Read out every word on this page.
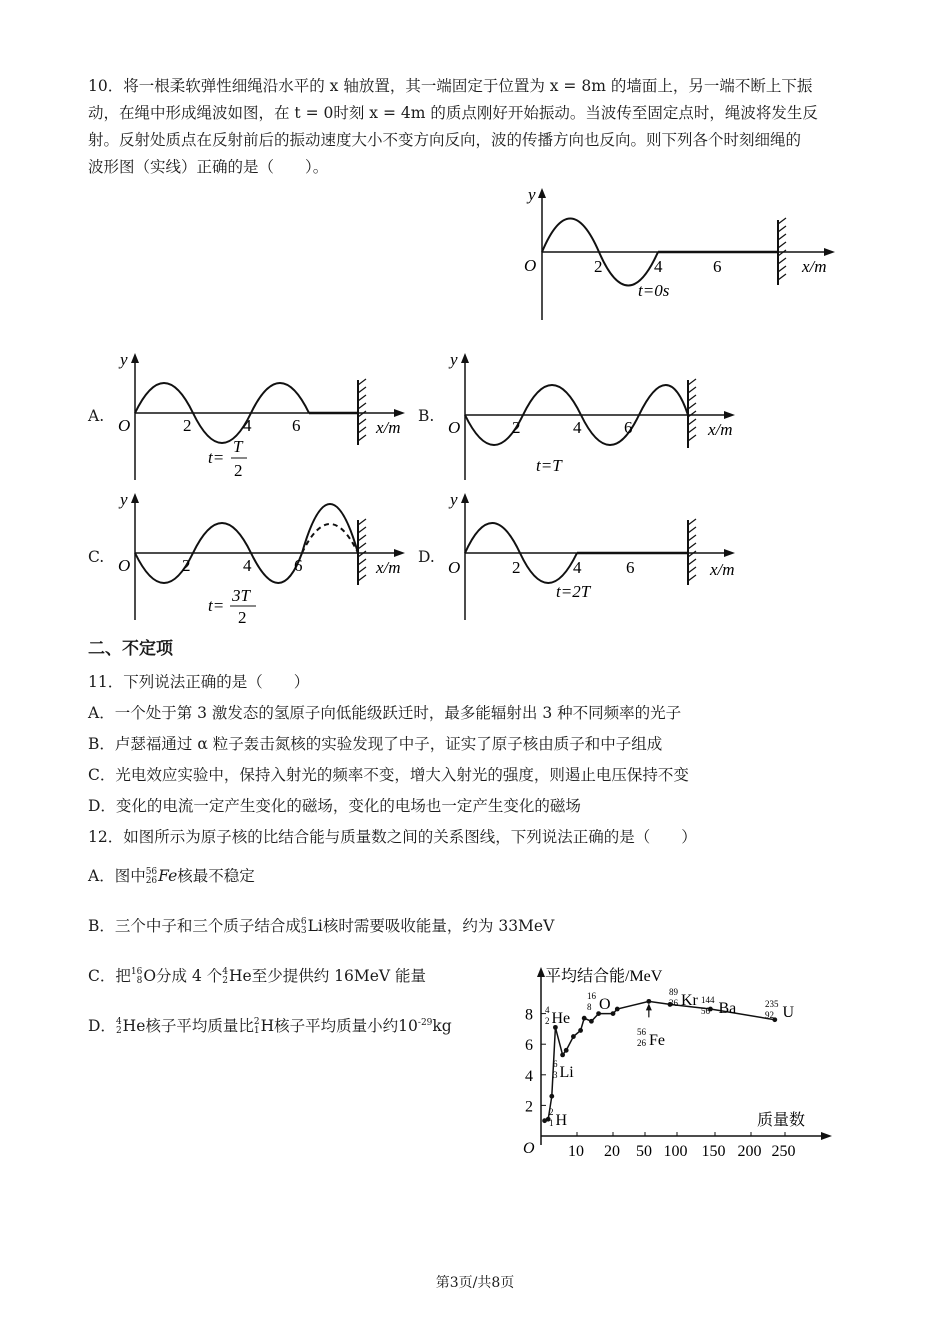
10．将一根柔软弹性细绳沿水平的 x 轴放置，其一端固定于位置为 x = 8m 的墙面上，另一端不断上下振
动，在绳中形成绳波如图，在 t = 0时刻 x = 4m 的质点刚好开始振动。当波传至固定点时，绳波将发生反
射。反射处质点在反射前后的振动速度大小不变方向反向，波的传播方向也反向。则下列各个时刻细绳的
波形图（实线）正确的是（　　）。
y
O	2	4	6	x/m
t=0s
A.
y
O	2	4 6	x/m
t=
T
2
B.
y
O	2	4	6	x/m
t=T
C.
y
O	2	4	6	x/m
t=
3T
2
D.
y
O	2	4	6	x/m
t=2T
二、不定项
11．下列说法正确的是（　　）
A．一个处于第 3 激发态的氢原子向低能级跃迁时，最多能辐射出 3 种不同频率的光子
B．卢瑟福通过 α 粒子轰击氮核的实验发现了中子，证实了原子核由质子和中子组成
C．光电效应实验中，保持入射光的频率不变，增大入射光的强度，则遏止电压保持不变
D．变化的电流一定产生变化的磁场，变化的电场也一定产生变化的磁场
12．如图所示为原子核的比结合能与质量数之间的关系图线，下列说法正确的是（　　）
A．图中56
26Fe核最不稳定
B．三个中子和三个质子结合成6
3Li核时需要吸收能量，约为 33MeV
C．把16
8O分成 4 个4
2He至少提供约 16MeV 能量
D．4
2He核子平均质量比2
1H核子平均质量小约$10^{-29}kg$
平均结合能/MeV
质量数
O
2
4
6
8
10 20 50 100 150 200 250
4
2 He
6
3 Li
2
1 H
16
8 O
56
26 Fe
89
36 Kr 144
56 Ba	235
92 U
第3页/共8页
